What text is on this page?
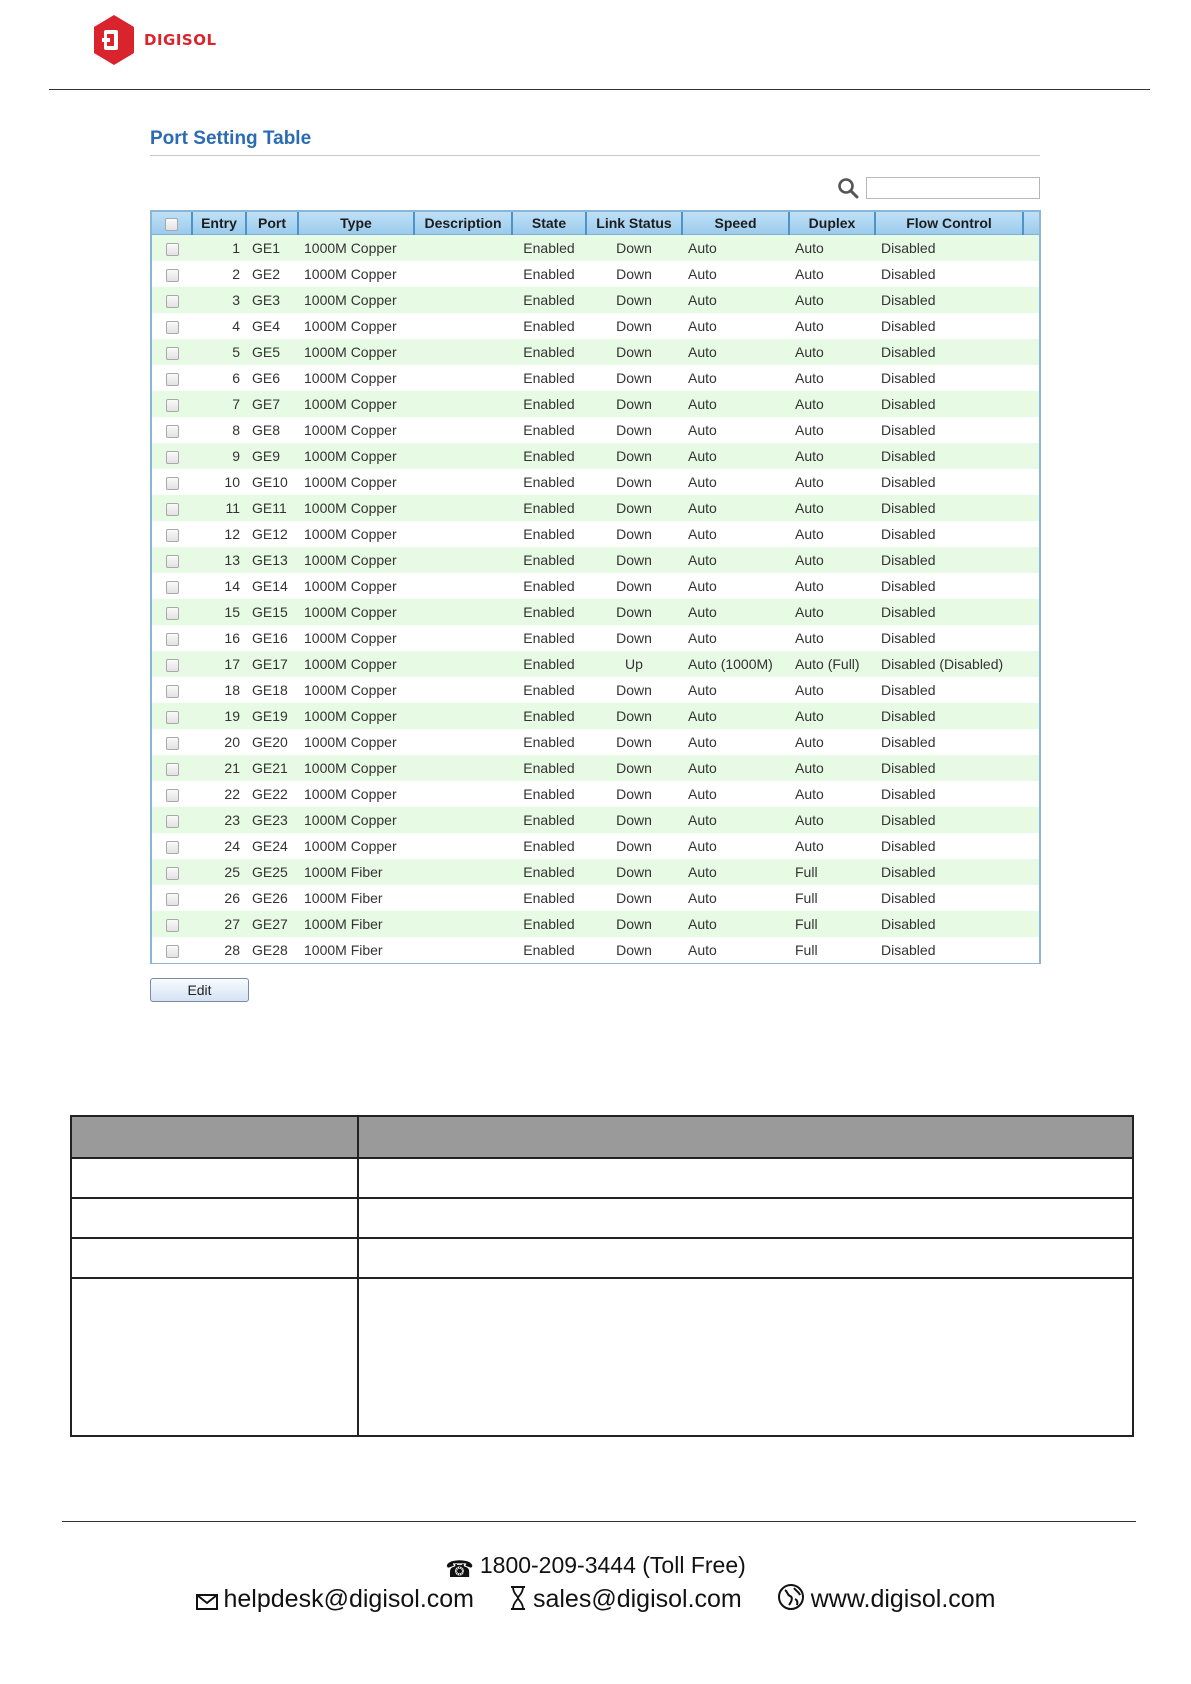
DIGISOL
Port Setting Table
	Entry	Port	Type	Description	State	Link Status	Speed	Duplex	Flow Control	
	1	GE1	1000M Copper		Enabled	Down	Auto	Auto	Disabled	
	2	GE2	1000M Copper		Enabled	Down	Auto	Auto	Disabled	
	3	GE3	1000M Copper		Enabled	Down	Auto	Auto	Disabled	
	4	GE4	1000M Copper		Enabled	Down	Auto	Auto	Disabled	
	5	GE5	1000M Copper		Enabled	Down	Auto	Auto	Disabled	
	6	GE6	1000M Copper		Enabled	Down	Auto	Auto	Disabled	
	7	GE7	1000M Copper		Enabled	Down	Auto	Auto	Disabled	
	8	GE8	1000M Copper		Enabled	Down	Auto	Auto	Disabled	
	9	GE9	1000M Copper		Enabled	Down	Auto	Auto	Disabled	
	10	GE10	1000M Copper		Enabled	Down	Auto	Auto	Disabled	
	11	GE11	1000M Copper		Enabled	Down	Auto	Auto	Disabled	
	12	GE12	1000M Copper		Enabled	Down	Auto	Auto	Disabled	
	13	GE13	1000M Copper		Enabled	Down	Auto	Auto	Disabled	
	14	GE14	1000M Copper		Enabled	Down	Auto	Auto	Disabled	
	15	GE15	1000M Copper		Enabled	Down	Auto	Auto	Disabled	
	16	GE16	1000M Copper		Enabled	Down	Auto	Auto	Disabled	
	17	GE17	1000M Copper		Enabled	Up	Auto (1000M)	Auto (Full)	Disabled (Disabled)	
	18	GE18	1000M Copper		Enabled	Down	Auto	Auto	Disabled	
	19	GE19	1000M Copper		Enabled	Down	Auto	Auto	Disabled	
	20	GE20	1000M Copper		Enabled	Down	Auto	Auto	Disabled	
	21	GE21	1000M Copper		Enabled	Down	Auto	Auto	Disabled	
	22	GE22	1000M Copper		Enabled	Down	Auto	Auto	Disabled	
	23	GE23	1000M Copper		Enabled	Down	Auto	Auto	Disabled	
	24	GE24	1000M Copper		Enabled	Down	Auto	Auto	Disabled	
	25	GE25	1000M Fiber		Enabled	Down	Auto	Full	Disabled	
	26	GE26	1000M Fiber		Enabled	Down	Auto	Full	Disabled	
	27	GE27	1000M Fiber		Enabled	Down	Auto	Full	Disabled	
	28	GE28	1000M Fiber		Enabled	Down	Auto	Full	Disabled	
Edit

☎ 1800-209-3444 (Toll Free)
helpdesk@digisol.com sales@digisol.com	www.digisol.com
